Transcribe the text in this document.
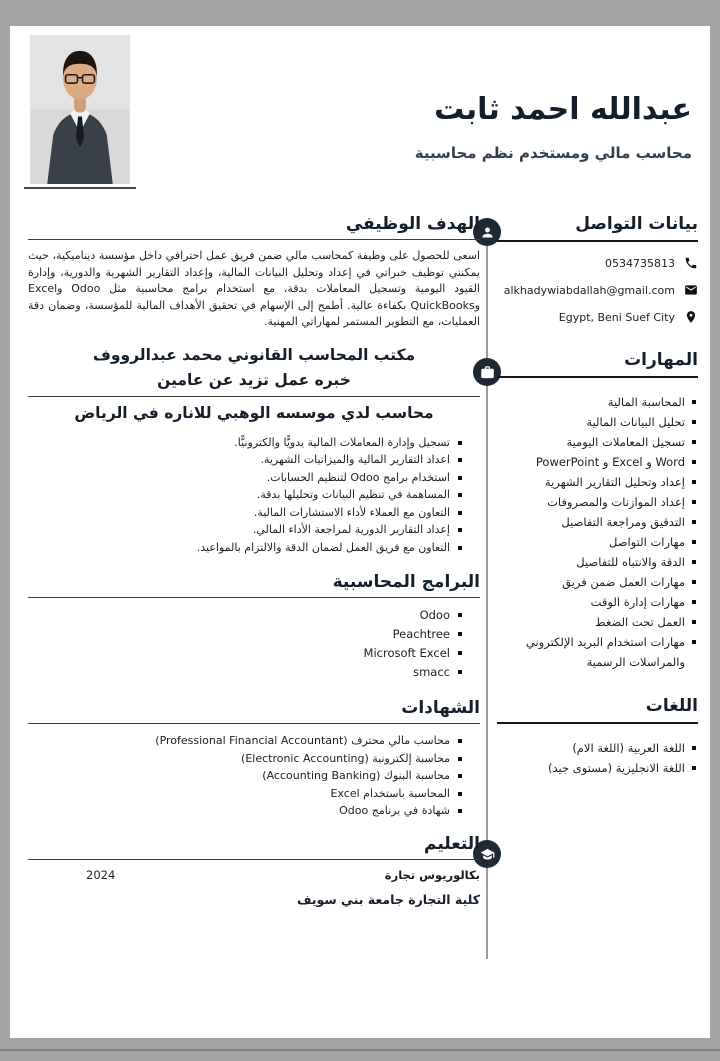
عبدالله احمد ثابت
محاسب مالي ومستخدم نظم محاسبية
بيانات التواصل
0534735813
alkhadywiabdallah@gmail.com
Egypt, Beni Suef City
المهارات
المحاسبة المالية
تحليل البيانات المالية
تسجيل المعاملات اليومية
Word و Excel و PowerPoint
إعداد وتحليل التقارير الشهرية
إعداد الموازنات والمصروفات
التدقيق ومراجعة التفاصيل
مهارات التواصل
الدقة والانتباه للتفاصيل
مهارات العمل ضمن فريق
مهارات إدارة الوقت
العمل تحت الضغط
مهارات استخدام البريد الإلكتروني والمراسلات الرسمية
اللغات
اللغة العربية (اللغة الام)
اللغة الانجليزية (مستوى جيد)
الهدف الوظيفي

اسعى للحصول على وظيفة كمحاسب مالي ضمن فريق عمل احترافي داخل مؤسسة ديناميكية، حيث يمكنني توظيف خبراتي في إعداد وتحليل البيانات المالية، وإعداد التقارير الشهرية والدورية، وإدارة القيود اليومية وتسجيل المعاملات بدقة، مع استخدام برامج محاسبية مثل Odoo وExcel وQuickBooks بكفاءة عالية. أطمح إلى الإسهام في تحقيق الأهداف المالية للمؤسسة، وضمان دقة العمليات، مع التطوير المستمر لمهاراتي المهنية.

مكتب المحاسب القانوني محمد عبدالرووف
خبره عمل تزيد عن عامين
محاسب لدي موسسه الوهبي للاناره في الرياض
تسجيل وإدارة المعاملات المالية يدويًّا والكترونيًّا.
اعداد التقارير المالية والميزانيات الشهرية.
استخدام برامج Odoo لتنظيم الحسابات.
المساهمة في تنظيم البيانات وتحليلها بدقة.
التعاون مع العملاء لأداء الاستشارات المالية.
إعداد التقارير الدورية لمراجعة الأداء المالي.
التعاون مع فريق العمل لضمان الدقة والالتزام بالمواعيد.
البرامج المحاسبية
Odoo
Peachtree
Microsoft Excel
smacc
الشهادات
محاسب مالي محترف (Professional Financial Accountant)
محاسبة إلكترونية (Electronic Accounting)
محاسبة البنوك (Accounting Banking)
المحاسبة باستخدام Excel
شهادة في برنامج Odoo
التعليم
بكالوريوس تجارة
2024
كلية التجارة جامعة بني سويف
